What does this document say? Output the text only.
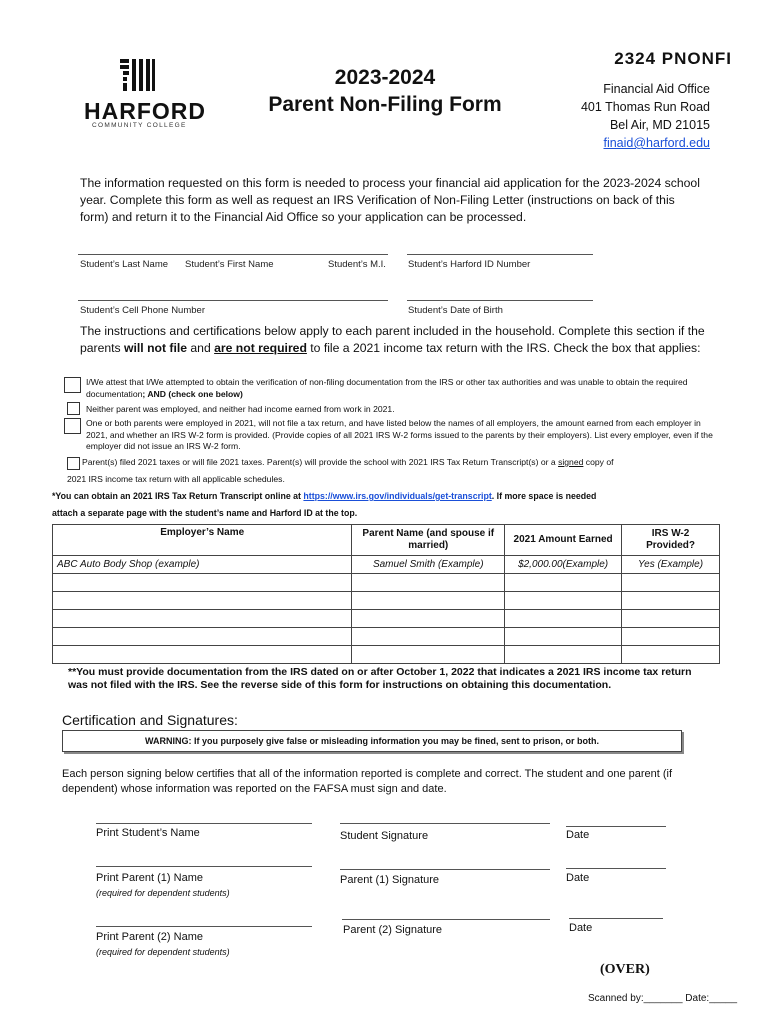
HARFORD
COMMUNITY COLLEGE
2023-2024
Parent Non-Filing Form
2324 PNONFI
Financial Aid Office
401 Thomas Run Road
Bel Air, MD 21015
finaid@harford.edu
The information requested on this form is needed to process your financial aid application for the 2023-2024 school year. Complete this form as well as request an IRS Verification of Non-Filing Letter (instructions on back of this form) and return it to the Financial Aid Office so your application can be processed.
Student’s Last Name Student’s First Name	Student’s M.I. Student’s Harford ID Number
Student’s Cell Phone Number	Student’s Date of Birth
The instructions and certifications below apply to each parent included in the household. Complete this section if the parents will not file and are not required to file a 2021 income tax return with the IRS. Check the box that applies:
I/We attest that I/We attempted to obtain the verification of non-filing documentation from the IRS or other tax authorities and was unable to obtain the required documentation; AND (check one below)
Neither parent was employed, and neither had income earned from work in 2021.
One or both parents were employed in 2021, will not file a tax return, and have listed below the names of all employers, the amount earned from each employer in 2021, and whether an IRS W-2 form is provided. (Provide copies of all 2021 IRS W-2 forms issued to the parents by their employers). List every employer, even if the employer did not issue an IRS W-2 form.
Parent(s) filed 2021 taxes or will file 2021 taxes. Parent(s) will provide the school with 2021 IRS Tax Return Transcript(s) or a signed copy of
2021 IRS income tax return with all applicable schedules.
*You can obtain an 2021 IRS Tax Return Transcript online at https://www.irs.gov/individuals/get-transcript. If more space is needed
attach a separate page with the student’s name and Harford ID at the top.
Employer’s Name	Parent Name (and spouse if married)	2021 Amount Earned	IRS W-2 Provided?
ABC Auto Body Shop (example)	Samuel Smith (Example)	$2,000.00(Example)	Yes (Example)

**You must provide documentation from the IRS dated on or after October 1, 2022 that indicates a 2021 IRS income tax return was not filed with the IRS. See the reverse side of this form for instructions on obtaining this documentation.
Certification and Signatures:
WARNING: If you purposely give false or misleading information you may be fined, sent to prison, or both.
Each person signing below certifies that all of the information reported is complete and correct. The student and one parent (if dependent) whose information was reported on the FAFSA must sign and date.
Print Student’s Name	Student Signature	Date
Print Parent (1) Name
(required for dependent students)
Parent (1) Signature	Date
Print Parent (2) Name
(required for dependent students)
Parent (2) Signature	Date
(OVER)
Scanned by:_______ Date:_____
